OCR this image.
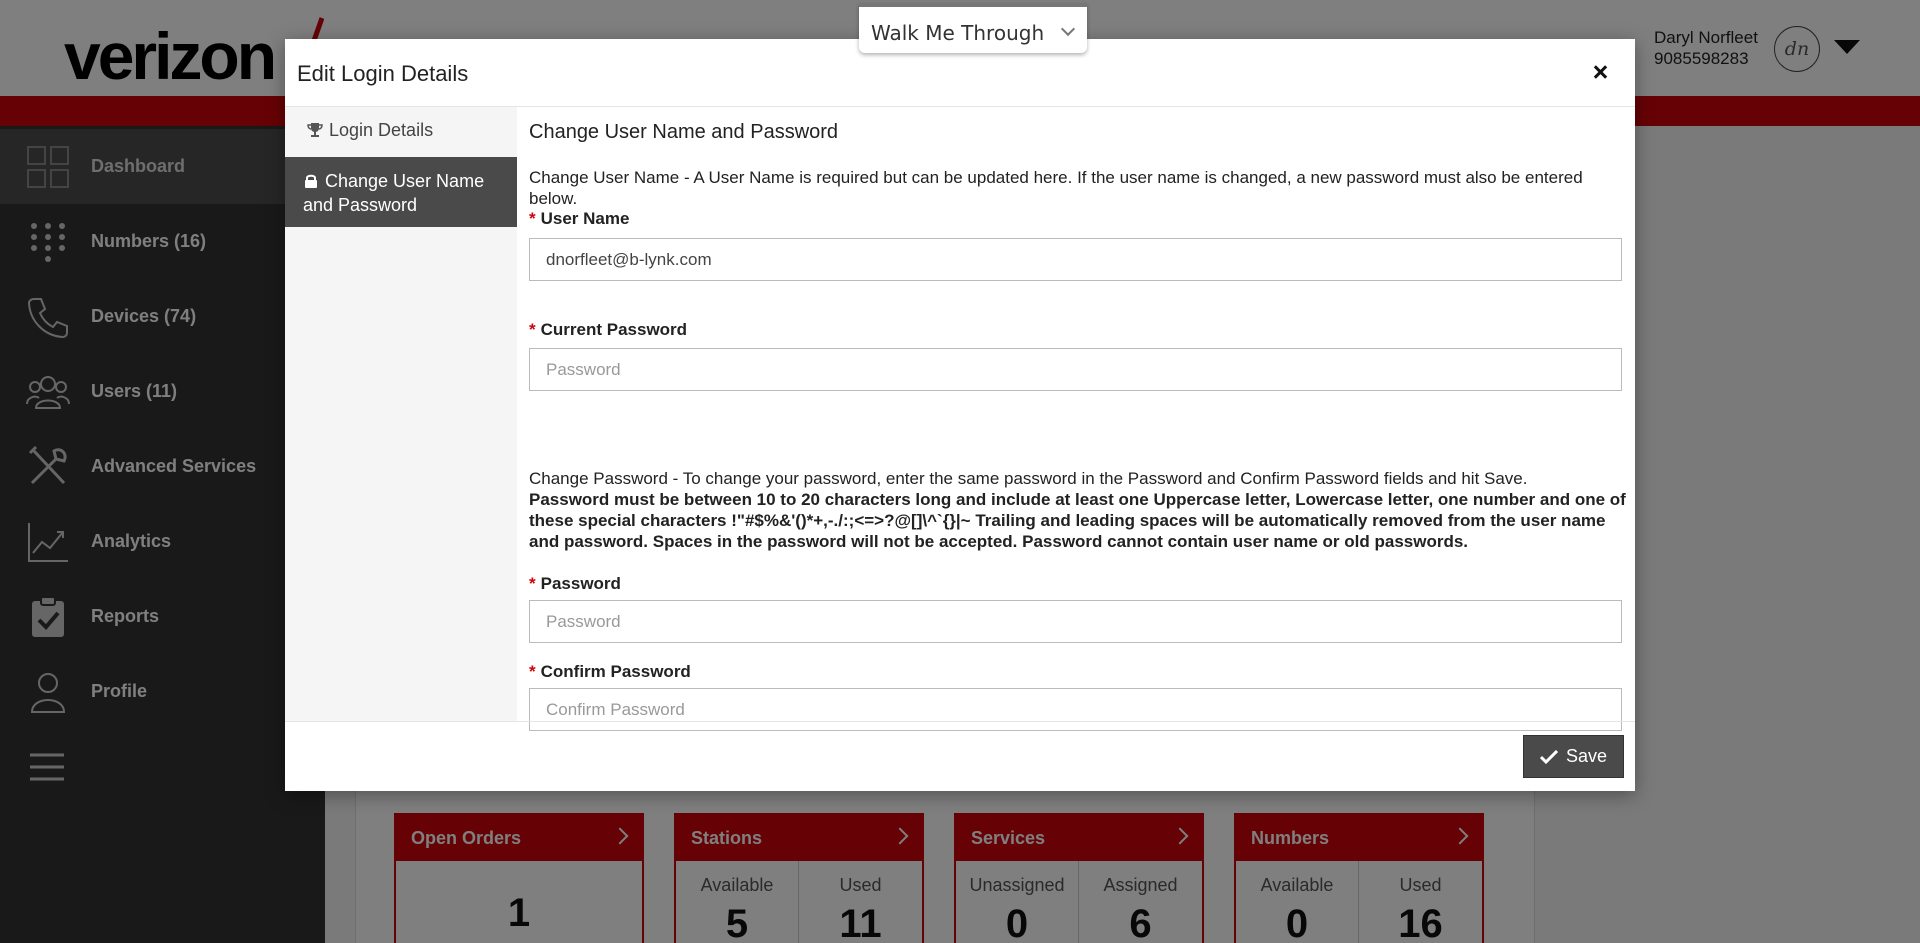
Edit Login Details
Login Details
Change User Name and Password
Change User Name and Password
Change User Name - A User Name is required but can be updated here. If the user name is changed, a new password must also be entered below.
* User Name
dnorfleet@b-lynk.com
* Current Password
Change Password - To change your password, enter the same password in the Password and Confirm Password fields and hit Save.
Password must be between 10 to 20 characters long and include at least one Uppercase letter, Lowercase letter, one number and one of these special characters !"#$%&'()*+,-./:;<=>?@[]\^`{}|~ Trailing and leading spaces will be automatically removed from the user name and password. Spaces in the password will not be accepted. Password cannot contain user name or old passwords.
* Password
* Confirm Password
Save
Walk Me Through
